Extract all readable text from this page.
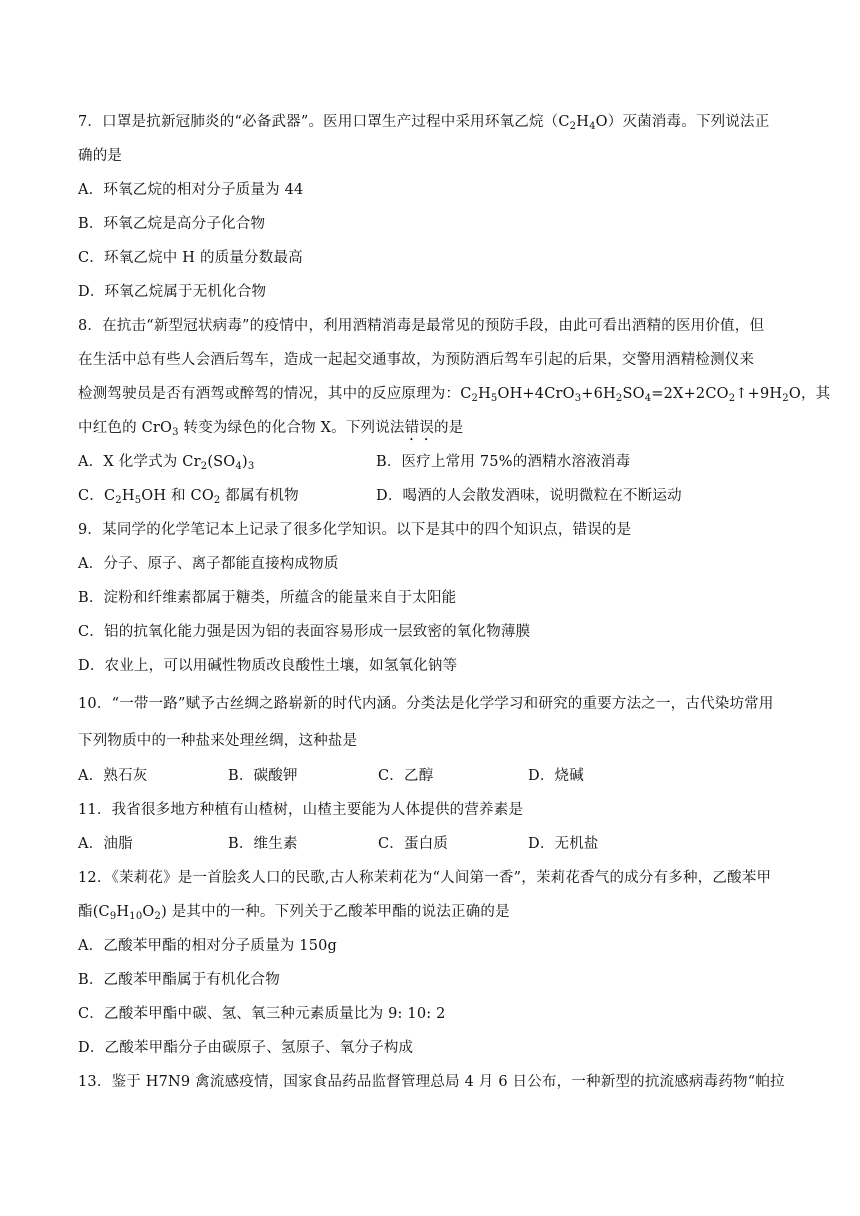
7．口罩是抗新冠肺炎的“必备武器”。医用口罩生产过程中采用环氧乙烷$(C_2H_4O)$灭菌消毒。下列说法正
确的是
A．环氧乙烷的相对分子质量为 44
B．环氧乙烷是高分子化合物
C．环氧乙烷中 H 的质量分数最高
D．环氧乙烷属于无机化合物
8．在抗击“新型冠状病毒”的疫情中，利用酒精消毒是最常见的预防手段，由此可看出酒精的医用价值，但
在生活中总有些人会酒后驾车，造成一起起交通事故，为预防酒后驾车引起的后果，交警用酒精检测仪来
检测驾驶员是否有酒驾或醉驾的情况，其中的反应原理为：$C_2H_5OH+4CrO_3+6H_2SO_4=2X+2CO_2↑+9H_2O$，其
中红色的 CrO$_3$ 转变为绿色的化合物 X。下列说法错误的是
A．X 化学式为 $Cr_2(SO_4)_3$	B．医疗上常用 75%的酒精水溶液消毒
C．$C_2H_5OH$ 和 $CO_2$ 都属有机物	D．喝酒的人会散发酒味，说明微粒在不断运动
9．某同学的化学笔记本上记录了很多化学知识。以下是其中的四个知识点，错误的是
A．分子、原子、离子都能直接构成物质
B．淀粉和纤维素都属于糖类，所蕴含的能量来自于太阳能
C．铝的抗氧化能力强是因为铝的表面容易形成一层致密的氧化物薄膜
D．农业上，可以用碱性物质改良酸性土壤，如氢氧化钠等
10．“一带一路”赋予古丝绸之路崭新的时代内涵。分类法是化学学习和研究的重要方法之一，古代染坊常用
下列物质中的一种盐来处理丝绸，这种盐是
A．熟石灰	B．碳酸钾	C．乙醇	D．烧碱
11．我省很多地方种植有山楂树，山楂主要能为人体提供的营养素是
A．油脂	B．维生素	C．蛋白质	D．无机盐
12．《茉莉花》是一首脍炙人口的民歌,古人称茉莉花为“人间第一香”，茉莉花香气的成分有多种，乙酸苯甲
酯$(C_9H_{10}O_2)$ 是其中的一种。下列关于乙酸苯甲酯的说法正确的是
A．乙酸苯甲酯的相对分子质量为 150g
B．乙酸苯甲酯属于有机化合物
C．乙酸苯甲酯中碳、氢、氧三种元素质量比为 9: 10: 2
D．乙酸苯甲酯分子由碳原子、氢原子、氧分子构成
13．鉴于 H7N9 禽流感疫情，国家食品药品监督管理总局 4 月 6 日公布，一种新型的抗流感病毒药物“帕拉
